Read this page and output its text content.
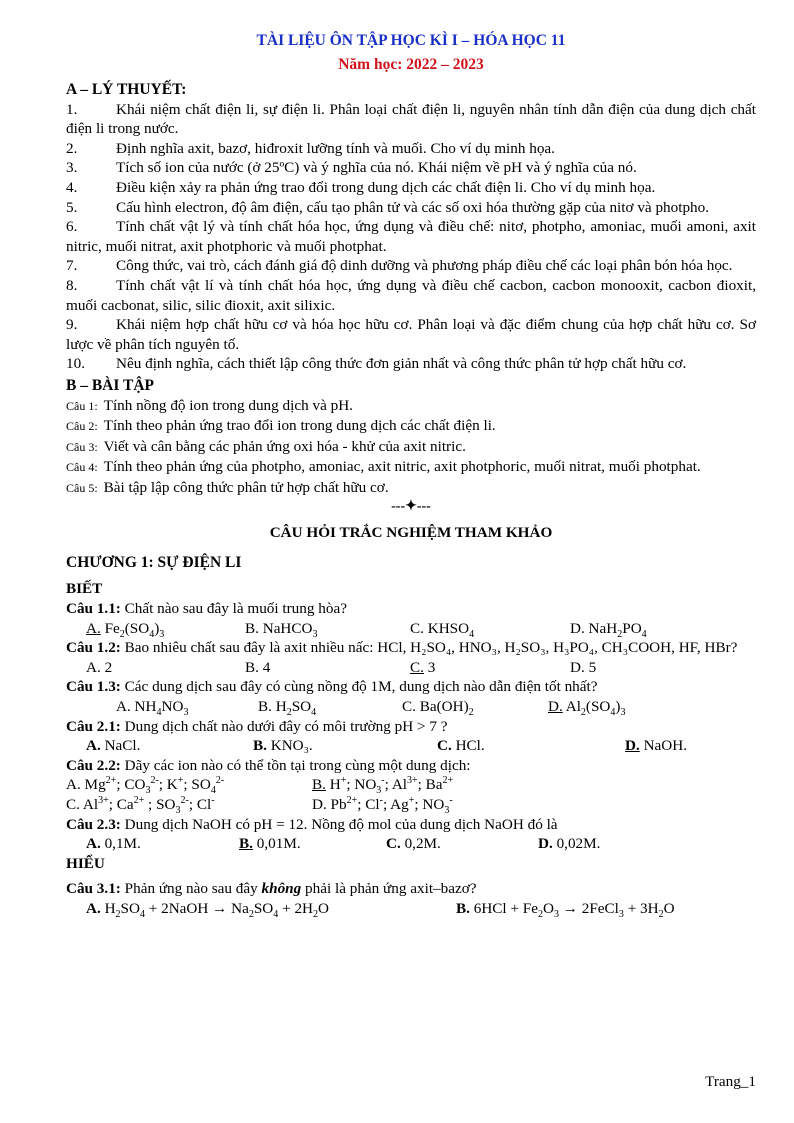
TÀI LIỆU ÔN TẬP HỌC KÌ I – HÓA HỌC 11
Năm học: 2022 – 2023
A – LÝ THUYẾT:
1.	Khái niệm chất điện li, sự điện li. Phân loại chất điện li, nguyên nhân tính dẫn điện của dung dịch chất điện li trong nước.
2.	Định nghĩa axit, bazơ, hiđroxit lưỡng tính và muối. Cho ví dụ minh họa.
3.	Tích số ion của nước (ở 25ºC) và ý nghĩa của nó. Khái niệm về pH và ý nghĩa của nó.
4.	Điều kiện xảy ra phản ứng trao đổi trong dung dịch các chất điện li. Cho ví dụ minh họa.
5.	Cấu hình electron, độ âm điện, cấu tạo phân tử và các số oxi hóa thường gặp của nitơ và photpho.
6.	Tính chất vật lý và tính chất hóa học, ứng dụng và điều chế: nitơ, photpho, amoniac, muối amoni, axit nitric, muối nitrat, axit photphoric và muối photphat.
7.	Công thức, vai trò, cách đánh giá độ dinh dưỡng và phương pháp điều chế các loại phân bón hóa học.
8.	Tính chất vật lí và tính chất hóa học, ứng dụng và điều chế cacbon, cacbon monooxit, cacbon đioxit, muối cacbonat, silic, silic đioxit, axit silixic.
9.	Khái niệm hợp chất hữu cơ và hóa học hữu cơ. Phân loại và đặc điểm chung của hợp chất hữu cơ. Sơ lược về phân tích nguyên tố.
10. Nêu định nghĩa, cách thiết lập công thức đơn giản nhất và công thức phân tử hợp chất hữu cơ.
B – BÀI TẬP
Câu 1: Tính nồng độ ion trong dung dịch và pH.
Câu 2: Tính theo phản ứng trao đổi ion trong dung dịch các chất điện li.
Câu 3: Viết và cân bằng các phản ứng oxi hóa - khử của axit nitric.
Câu 4: Tính theo phản ứng của photpho, amoniac, axit nitric, axit photphoric, muối nitrat, muối photphat.
Câu 5: Bài tập lập công thức phân tử hợp chất hữu cơ.
---✦---
CÂU HỎI TRẮC NGHIỆM THAM KHẢO
CHƯƠNG 1: SỰ ĐIỆN LI
BIẾT
Câu 1.1: Chất nào sau đây là muối trung hòa?
A. $Fe_2(SO_4)_3$	B. NaHCO$_3$	C. $KHSO_4$	D. $NaH_2PO_4$
Câu 1.2: Bao nhiêu chất sau đây là axit nhiều nấc: HCl, H₂SO₄, HNO₃, H₂SO₃, H₃PO₄, CH₃COOH, HF, HBr?
A. 2	B. 4	C. 3	D. 5
Câu 1.3: Các dung dịch sau đây có cùng nồng độ 1M, dung dịch nào dẫn điện tốt nhất?
A. $NH_4NO_3$	B. $H_2SO_4$	C. $Ba(OH)_2$	D. $Al_2(SO_4)_3$
Câu 2.1: Dung dịch chất nào dưới đây có môi trường pH > 7 ?
A. NaCl.	B. KNO₃.	C. HCl.	D. NaOH.
Câu 2.2: Dãy các ion nào có thể tồn tại trong cùng một dung dịch:
A. $Mg^{2+}$; $CO_3^{2-}$; K+; $SO_4^{2-}$	B. H+; $NO_3^-$; $Al^{3+}$; $Ba^{2+}$
C. $Al^{3+}$; $Ca^{2+}$ ; $SO_3^{2-}$; Cl-	D. $Pb^{2+}$; Cl-; Ag+; $NO_3^-$
Câu 2.3: Dung dịch NaOH có pH = 12. Nồng độ mol của dung dịch NaOH đó là
A. 0,1M.	B. 0,01M.	C. 0,2M.	D. 0,02M.
HIỂU
Câu 3.1: Phản ứng nào sau đây không phải là phản ứng axit–bazơ?
A. $H_2SO_4$ + 2NaOH → $Na_2SO_4 + 2H_2O$	B. $6HCl + Fe_2O_3$ → 2FeCl$_3$ + $3H_2O$
Trang_1
